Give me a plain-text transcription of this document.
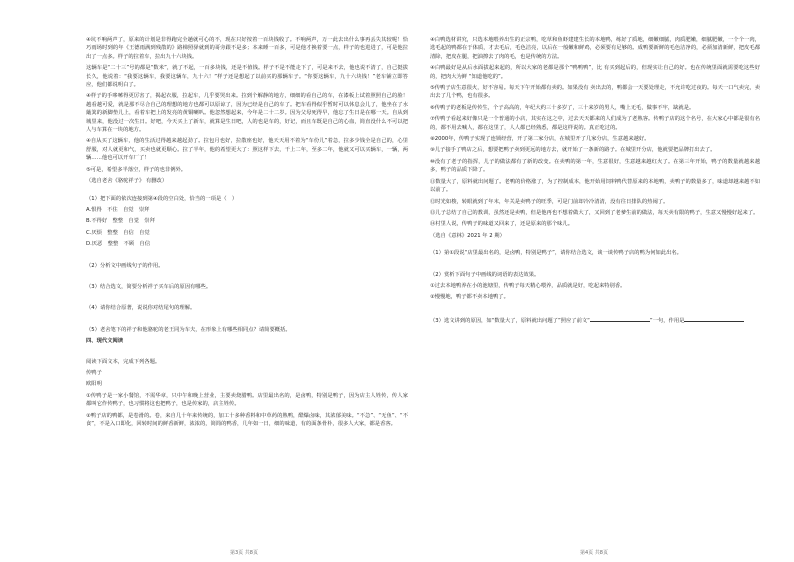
④坑不响两声了，原来的计划是非得跑完全趟就可心的不，现在只好按着一百块钱收了。不响两声，万一此去出什么事再丢失其较呢！恰巧雨场时到的年《王德雨满到残散的》路梯照驿就到的哥旁跟不是多；本来睡一百多，可是他才换着要一点，样子的也进进了，可是他拉出了一点多。样子的拉着车，拉出九十六块钱。

这辆车是“二十三”号的都是“数米”，就了不起，一百多块钱，还是不值钱。样子不是不能走下了，可是来不去，他也说不清了，自己挺拔长久，他说着：“我要这辆车，我要这辆车，九十六！”样子还是想起了以前买的那辆车子。“你要这辆车，九十六块钱！”老车铺立即答应，他们都说明白了。

④样子的手哆嗦得更厉害了，揭起衣服，拉起车，几乎要哭出来。拉到个解静的地方，细细的看自己的车，在漆板上试着照照自己的脸！越看越可爱，就是那不尽合自己的理想的地方也都可以原谅了，因为已经是自己的车了。把车看得似乎暂时可以休息会儿了，他坐在了水簸箕的新脚垫儿上，看着车把上的发亮的黄铜喇叭。他忽然想起来，今年是二十二岁。因为父母死得早，他忘了生日是在哪一天。自从到城里来，他没过一次生日。好吧，今天买上了新车，就算是生日吧，人的也是车的，好记，而且车既是自己的心血，简直没什么不可以把人与车算在一块的地方。

④自从买了这辆车，他的生活过得越来越起劲了。拉包月也好，拉散座也好，他天天用不着为“车份儿”着急，拉多少钱全是自己的，心里舒服，对人就更和气，买卖也就更顺心。拉了半年，他的希望更大了：照这样下去，干上二年，至多二年，他就又可以买辆车，一辆，两辆……他也可以开车厂了！

⑤可是，希望多半落空，样子的也非例外。

（选自老舍《骆驼祥子》 有删改）

（1）把下面的依次连接到第④段的空白处，恰当的一项是（　）

A.恨得　不住　自觉　崇拜

B.不得好　整整　自觉　崇拜

C.厌烦　整整　自信　自觉

D.厌恶　整整　不顾　自信

（2）分析文中画线句子的作用。

（3）结合选文，简要分析祥子买车后的原因有哪些。

（4）请你结合原著，说说你对结尾句的理解。

（5）老舍笔下的祥子和他骆驼的老王同为车夫，在形象上有哪些相同点？请简要概括。

四、现代文阅读

阅读下面文本，完成下列各题。

传鸭子

欧阳明

①传鸭子是一家小餐馆，不需华章，只中午和晚上营业，主要卖烧腊鸭。店里最出名的，是卤鸭，特别是鸭子，因为店主人姓传，传人家都叫它作传鸭子，也习惯将这也把鸭子，也是传家的，店主姓传。

②鸭子店的鸭都，是卷滑的。卷，来自几十年来传统的，加工十多种香料和中草药的熟鸭，酷爆卤味，其浓郁美味。“不急”、“无鱼”、“不食”，不是入口即化，回转时间的鲜香新鲜，浓浓的，简简的鸭香，几年如一日，细的味道，有的面条骨朴，很多人大家，都是香客。

④白鸭选材讲究，只选本地喂养出生的正宗鸭，吃草和鱼虾建建生长的本地鸭，练好了质地，细嫩细腻，肉质肥嫩，细腻肥嫩，一个个一肉，选毛起的鸭都在于体质，才去毛后，毛色洁亮，以后在一般嫩和鲜鸡，必须要有足够的。成鸭要新鲜的毛色洁净的，必须加清新鲜，把皮毛都清除，把皮在腿，把油擦去了肉的毛，也是传统的方法。

④白鸭最好是从后水面拔起来起的，所以大家的老都是那个“鸭鸭鸭”，比 有买到起后的，但现实让自己的好。也在传统里面就需要吃这些好的，把肉大为鲜 “知道他吃的”。

⑤传鸭子店生意很火，好不容易。每天下午开始都有卖的。如果没有 卖出去的，鸭都会一天要处理走，不允许吃过夜的。每天一口气卖完，卖出去了几个鸭，也有很多。

⑥传鸭子的老板是传传生，个子高高的，年纪大约三十多岁了，三十来岁的男人，嘴上无毛，做事不牢，缺就是。

⑦传鸭子看起来好像只是一个普通的小店，其实在这之中，过去天天都来的人们成为了老熟客。传鸭子店的这个名号，在大家心中都是很有名的，都不用去喊人，都在这里了，人人都已经熟悉，都是这样说的。真正吃过的。

⑧2000年，传鸭子实现了连锁经营，开了第二家分店，在城里开了几家分店，生意越来越好。

⑨儿子接手了鸭店之后，想要把鸭子卖到更远的地方去，就开始了一条新的路子。在城里开分店，他就要把品牌打出去了。

⑩没有了老子的指挥，儿子的做法都有了新的改变。在卖鸭的第一年，生意很好，生意越来越红火了。在第三年开始，鸭子的数量就越来越多，鸭子的品质下降了。

⑪数量大了，原料就出问题了。老鸭的价格涨了，为了控制成本，他开始用饲料鸭代替原来的本地鸭，卖鸭子的数量多了，味道却越来越不如以前了。

⑫时光如梭，转眼就到了年末，年关是卖鸭子的旺季，可是门前却冷冷清清，没有往日排队的热闹了。

⑬儿子总结了自己的教训，虽然还是卖鸭，但是他再也不想着做大了，又回到了老爹生前的做法，每天卖有限的鸭子，生意又慢慢好起来了。

⑭村里人说，传鸭子的味道又回来了，还是原来的那个味儿。

（选自《意林》2021 年 2 期）

（1）第①段说“店里最出名的，是卤鸭，特别是鸭子”，请你结合选文，谈一谈传鸭子店的鸭为何如此出名。

（2）赏析下面句子中画线的词语的表达效果。

①过去本地鸭养在小的池塘里，传鸭子每天精心喂养，品质就是好，吃起来特别香。

②慢慢地，鸭子都不卖本地鸭了。

（3）选文讲到的原因，如“数量大了，原料就出问题了”照应了前文“	”一句，作用是

第3页 共8页	第4页 共8页
